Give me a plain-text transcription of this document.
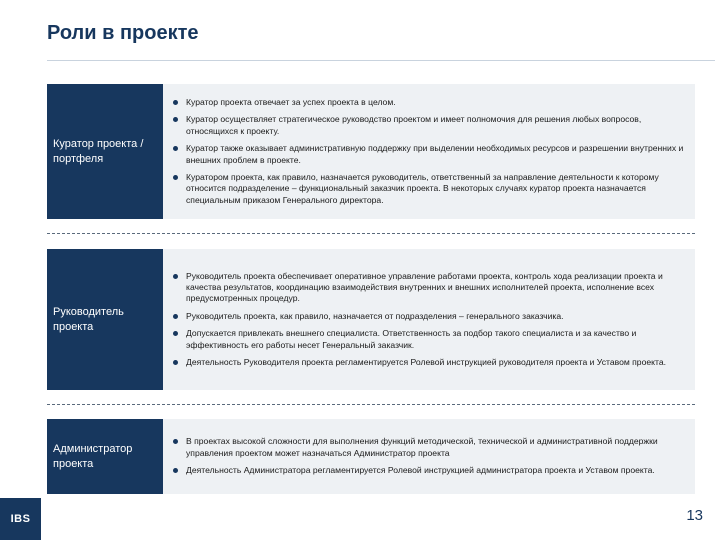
Роли в проекте
Куратор проекта / портфеля
Куратор проекта отвечает за успех проекта в целом.
Куратор осуществляет стратегическое руководство проектом и имеет полномочия для решения любых вопросов, относящихся к проекту.
Куратор также оказывает административную поддержку при выделении необходимых ресурсов и разрешении внутренних и внешних проблем в проекте.
Куратором проекта, как правило, назначается руководитель, ответственный за направление деятельности к которому относится подразделение – функциональный заказчик проекта. В некоторых случаях куратор проекта назначается специальным приказом Генерального директора.
Руководитель проекта
Руководитель проекта обеспечивает оперативное управление работами проекта, контроль хода реализации проекта и качества результатов, координацию взаимодействия внутренних и внешних исполнителей проекта, исполнение всех предусмотренных процедур.
Руководитель проекта, как правило, назначается от подразделения – генерального заказчика.
Допускается привлекать внешнего специалиста. Ответственность за подбор такого специалиста и за качество и эффективность его работы несет Генеральный заказчик.
Деятельность Руководителя проекта регламентируется Ролевой инструкцией руководителя проекта и Уставом проекта.
Администратор проекта
В проектах высокой сложности для выполнения функций методической, технической и административной поддержки управления проектом может назначаться Администратор проекта
Деятельность Администратора регламентируется Ролевой инструкцией администратора проекта и Уставом проекта.
IBS	13
